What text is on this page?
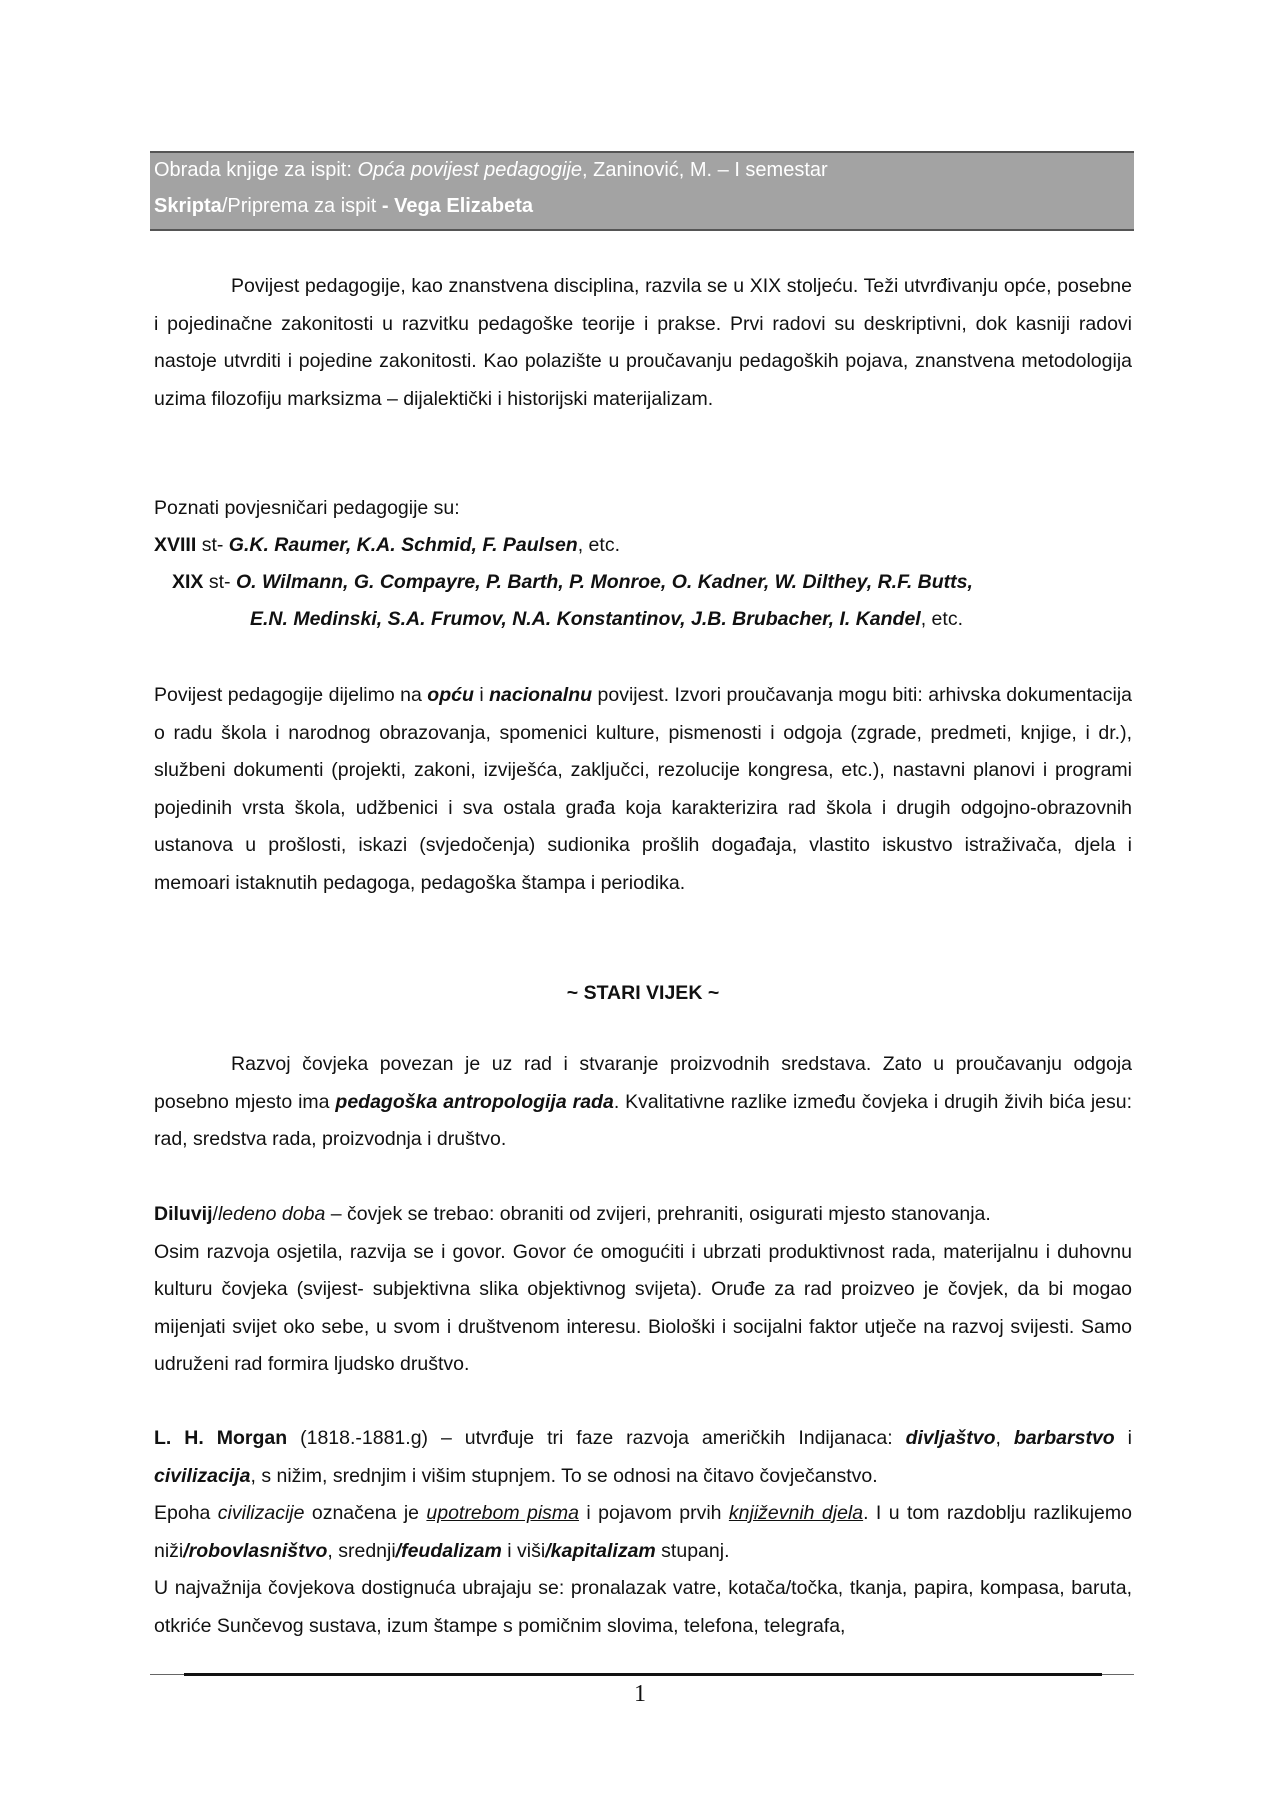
Obrada knjige za ispit: Opća povijest pedagogije, Zaninović, M. – I semestar
Skripta/Priprema za ispit - Vega Elizabeta

Povijest pedagogije, kao znanstvena disciplina, razvila se u XIX stoljeću. Teži utvrđivanju opće, posebne i pojedinačne zakonitosti u razvitku pedagoške teorije i prakse. Prvi radovi su deskriptivni, dok kasniji radovi nastoje utvrditi i pojedine zakonitosti. Kao polazište u proučavanju pedagoških pojava, znanstvena metodologija uzima filozofiju marksizma – dijalektički i historijski materijalizam.

Poznati povjesničari pedagogije su:
XVIII st- G.K. Raumer, K.A. Schmid, F. Paulsen, etc.
XIX st- O. Wilmann, G. Compayre, P. Barth, P. Monroe, O. Kadner, W. Dilthey, R.F. Butts,
E.N. Medinski, S.A. Frumov, N.A. Konstantinov, J.B. Brubacher, I. Kandel, etc.

Povijest pedagogije dijelimo na opću i nacionalnu povijest. Izvori proučavanja mogu biti: arhivska dokumentacija o radu škola i narodnog obrazovanja, spomenici kulture, pismenosti i odgoja (zgrade, predmeti, knjige, i dr.), službeni dokumenti (projekti, zakoni, izviješća, zaključci, rezolucije kongresa, etc.), nastavni planovi i programi pojedinih vrsta škola, udžbenici i sva ostala građa koja karakterizira rad škola i drugih odgojno-obrazovnih ustanova u prošlosti, iskazi (svjedočenja) sudionika prošlih događaja, vlastito iskustvo istraživača, djela i memoari istaknutih pedagoga, pedagoška štampa i periodika.

~ STARI VIJEK ~

Razvoj čovjeka povezan je uz rad i stvaranje proizvodnih sredstava. Zato u proučavanju odgoja posebno mjesto ima pedagoška antropologija rada. Kvalitativne razlike između čovjeka i drugih živih bića jesu: rad, sredstva rada, proizvodnja i društvo.

Diluvij/ledeno doba – čovjek se trebao: obraniti od zvijeri, prehraniti, osigurati mjesto stanovanja.
Osim razvoja osjetila, razvija se i govor. Govor će omogućiti i ubrzati produktivnost rada, materijalnu i duhovnu kulturu čovjeka (svijest- subjektivna slika objektivnog svijeta). Oruđe za rad proizveo je čovjek, da bi mogao mijenjati svijet oko sebe, u svom i društvenom interesu. Biološki i socijalni faktor utječe na razvoj svijesti. Samo udruženi rad formira ljudsko društvo.

L. H. Morgan (1818.-1881.g) – utvrđuje tri faze razvoja američkih Indijanaca: divljaštvo, barbarstvo i civilizacija, s nižim, srednjim i višim stupnjem. To se odnosi na čitavo čovječanstvo.
Epoha civilizacije označena je upotrebom pisma i pojavom prvih književnih djela. I u tom razdoblju razlikujemo niži/robovlasništvo, srednji/feudalizam i viši/kapitalizam stupanj.
U najvažnija čovjekova dostignuća ubrajaju se: pronalazak vatre, kotača/točka, tkanja, papira, kompasa, baruta, otkriće Sunčevog sustava, izum štampe s pomičnim slovima, telefona, telegrafa,

1
